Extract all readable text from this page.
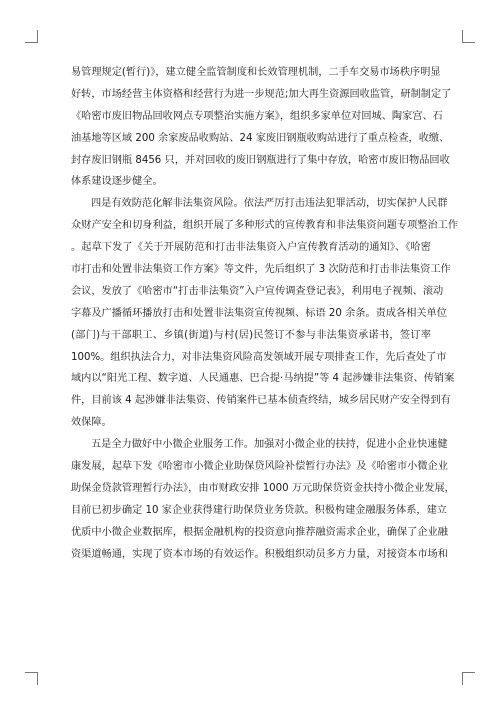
易管理规定(暂行)》，建立健全监管制度和长效管理机制，二手车交易市场秩序明显
好转，市场经营主体资格和经营行为进一步规范;加大再生资源回收监管，研制制定了
《哈密市废旧物品回收网点专项整治实施方案》，组织多家单位对回城、陶家宫、石
油基地等区域 200 余家废品收购站、24 家废旧钢瓶收购站进行了重点检查，收缴、
封存废旧钢瓶 8456 只，并对回收的废旧钢瓶进行了集中存放，哈密市废旧物品回收
体系建设逐步健全。
四是有效防范化解非法集资风险。依法严厉打击违法犯罪活动，切实保护人民群
众财产安全和切身利益，组织开展了多种形式的宣传教育和非法集资问题专项整治工作
。起草下发了《关于开展防范和打击非法集资入户宣传教育活动的通知》、《哈密
市打击和处置非法集资工作方案》等文件，先后组织了 3 次防范和打击非法集资工作
会议，发放了《哈密市“打击非法集资”入户宣传调查登记表》，利用电子视频、滚动
字幕及广播循环播放打击和处置非法集资宣传视频、标语 20 余条。责成各相关单位
(部门)与干部职工、乡镇(街道)与村(居)民签订不参与非法集资承诺书，签订率
100%。组织执法合力，对非法集资风险高发领域开展专项排查工作，先后查处了市
域内以“阳光工程、数字道、人民通惠、巴合提·马纳提”等 4 起涉嫌非法集资、传销案
件，目前该 4 起涉嫌非法集资、传销案件已基本侦查终结，城乡居民财产安全得到有
效保障。
五是全力做好中小微企业服务工作。加强对小微企业的扶持，促进小企业快速健
康发展，起草下发《哈密市小微企业助保贷风险补偿暂行办法》及《哈密市小微企业
助保金贷款管理暂行办法》，由市财政安排 1000 万元助保贷资金扶持小微企业发展，
目前已初步确定 10 家企业获得建行助保贷业务贷款。积极构建金融服务体系，建立
优质中小微企业数据库，根据金融机构的投资意向推荐融资需求企业，确保了企业融
资渠道畅通，实现了资本市场的有效运作。积极组织动员多方力量，对接资本市场和
